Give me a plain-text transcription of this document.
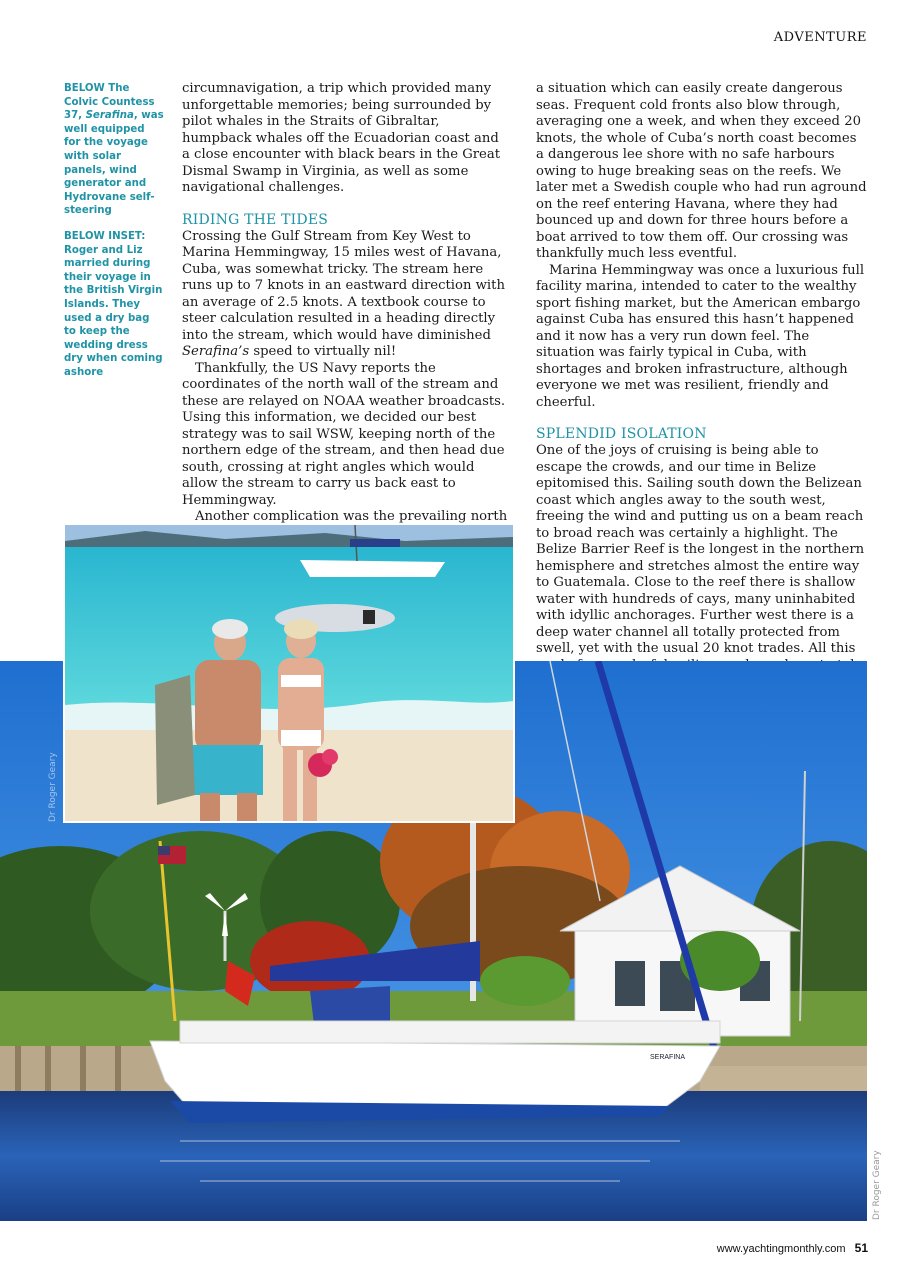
ADVENTURE

BELOW The Colvic Countess 37, Serafina, was well equipped for the voyage with solar panels, wind generator and Hydrovane self-steering

BELOW INSET: Roger and Liz married during their voyage in the British Virgin Islands. They used a dry bag to keep the wedding dress dry when coming ashore

circumnavigation, a trip which provided many unforgettable memories; being surrounded by pilot whales in the Straits of Gibraltar, humpback whales off the Ecuadorian coast and a close encounter with black bears in the Great Dismal Swamp in Virginia, as well as some navigational challenges.

RIDING THE TIDES

Crossing the Gulf Stream from Key West to Marina Hemmingway, 15 miles west of Havana, Cuba, was somewhat tricky. The stream here runs up to 7 knots in an eastward direction with an average of 2.5 knots. A textbook course to steer calculation resulted in a heading directly into the stream, which would have diminished Serafina’s speed to virtually nil!

Thankfully, the US Navy reports the coordinates of the north wall of the stream and these are relayed on NOAA weather broadcasts. Using this information, we decided our best strategy was to sail WSW, keeping north of the northern edge of the stream, and then head due south, crossing at right angles which would allow the stream to carry us back east to Hemmingway.

Another complication was the prevailing north

a situation which can easily create dangerous seas. Frequent cold fronts also blow through, averaging one a week, and when they exceed 20 knots, the whole of Cuba’s north coast becomes a dangerous lee shore with no safe harbours owing to huge breaking seas on the reefs. We later met a Swedish couple who had run aground on the reef entering Havana, where they had bounced up and down for three hours before a boat arrived to tow them off. Our crossing was thankfully much less eventful.

Marina Hemmingway was once a luxurious full facility marina, intended to cater to the wealthy sport fishing market, but the American embargo against Cuba has ensured this hasn’t happened and it now has a very run down feel. The situation was fairly typical in Cuba, with shortages and broken infrastructure, although everyone we met was resilient, friendly and cheerful.

SPLENDID ISOLATION

One of the joys of cruising is being able to escape the crowds, and our time in Belize epitomised this. Sailing south down the Belizean coast which angles away to the south west, freeing the wind and putting us on a beam reach to broad reach was certainly a highlight. The Belize Barrier Reef is the longest in the northern hemisphere and stretches almost the entire way to Guatemala. Close to the reef there is shallow water with hundreds of cays, many uninhabited with idyllic anchorages. Further west there is a deep water channel all totally protected from swell, yet with the usual 20 knot trades. All this

SERAFINA
Dr Roger Geary
Dr Roger Geary
www.yachtingmonthly.com 51
